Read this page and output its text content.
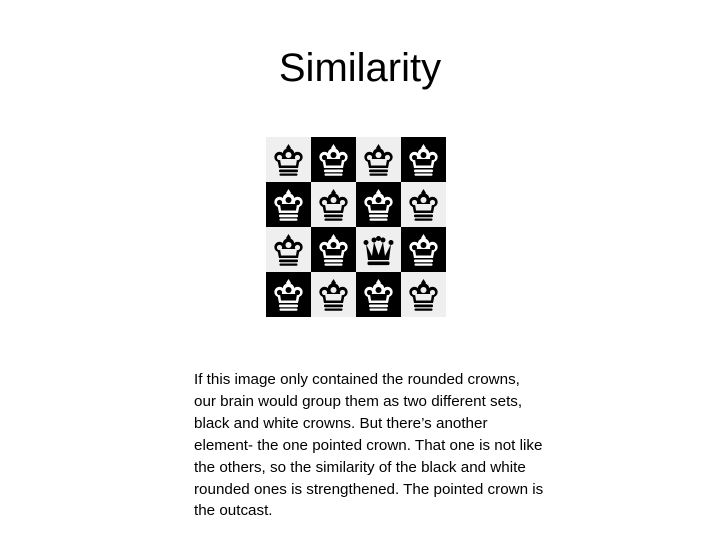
Similarity
If this image only contained the rounded crowns, our brain would group them as two different sets, black and white crowns. But there’s another element- the one pointed crown. That one is not like the others, so the similarity of the black and white rounded ones is strengthened. The pointed crown is the outcast.
